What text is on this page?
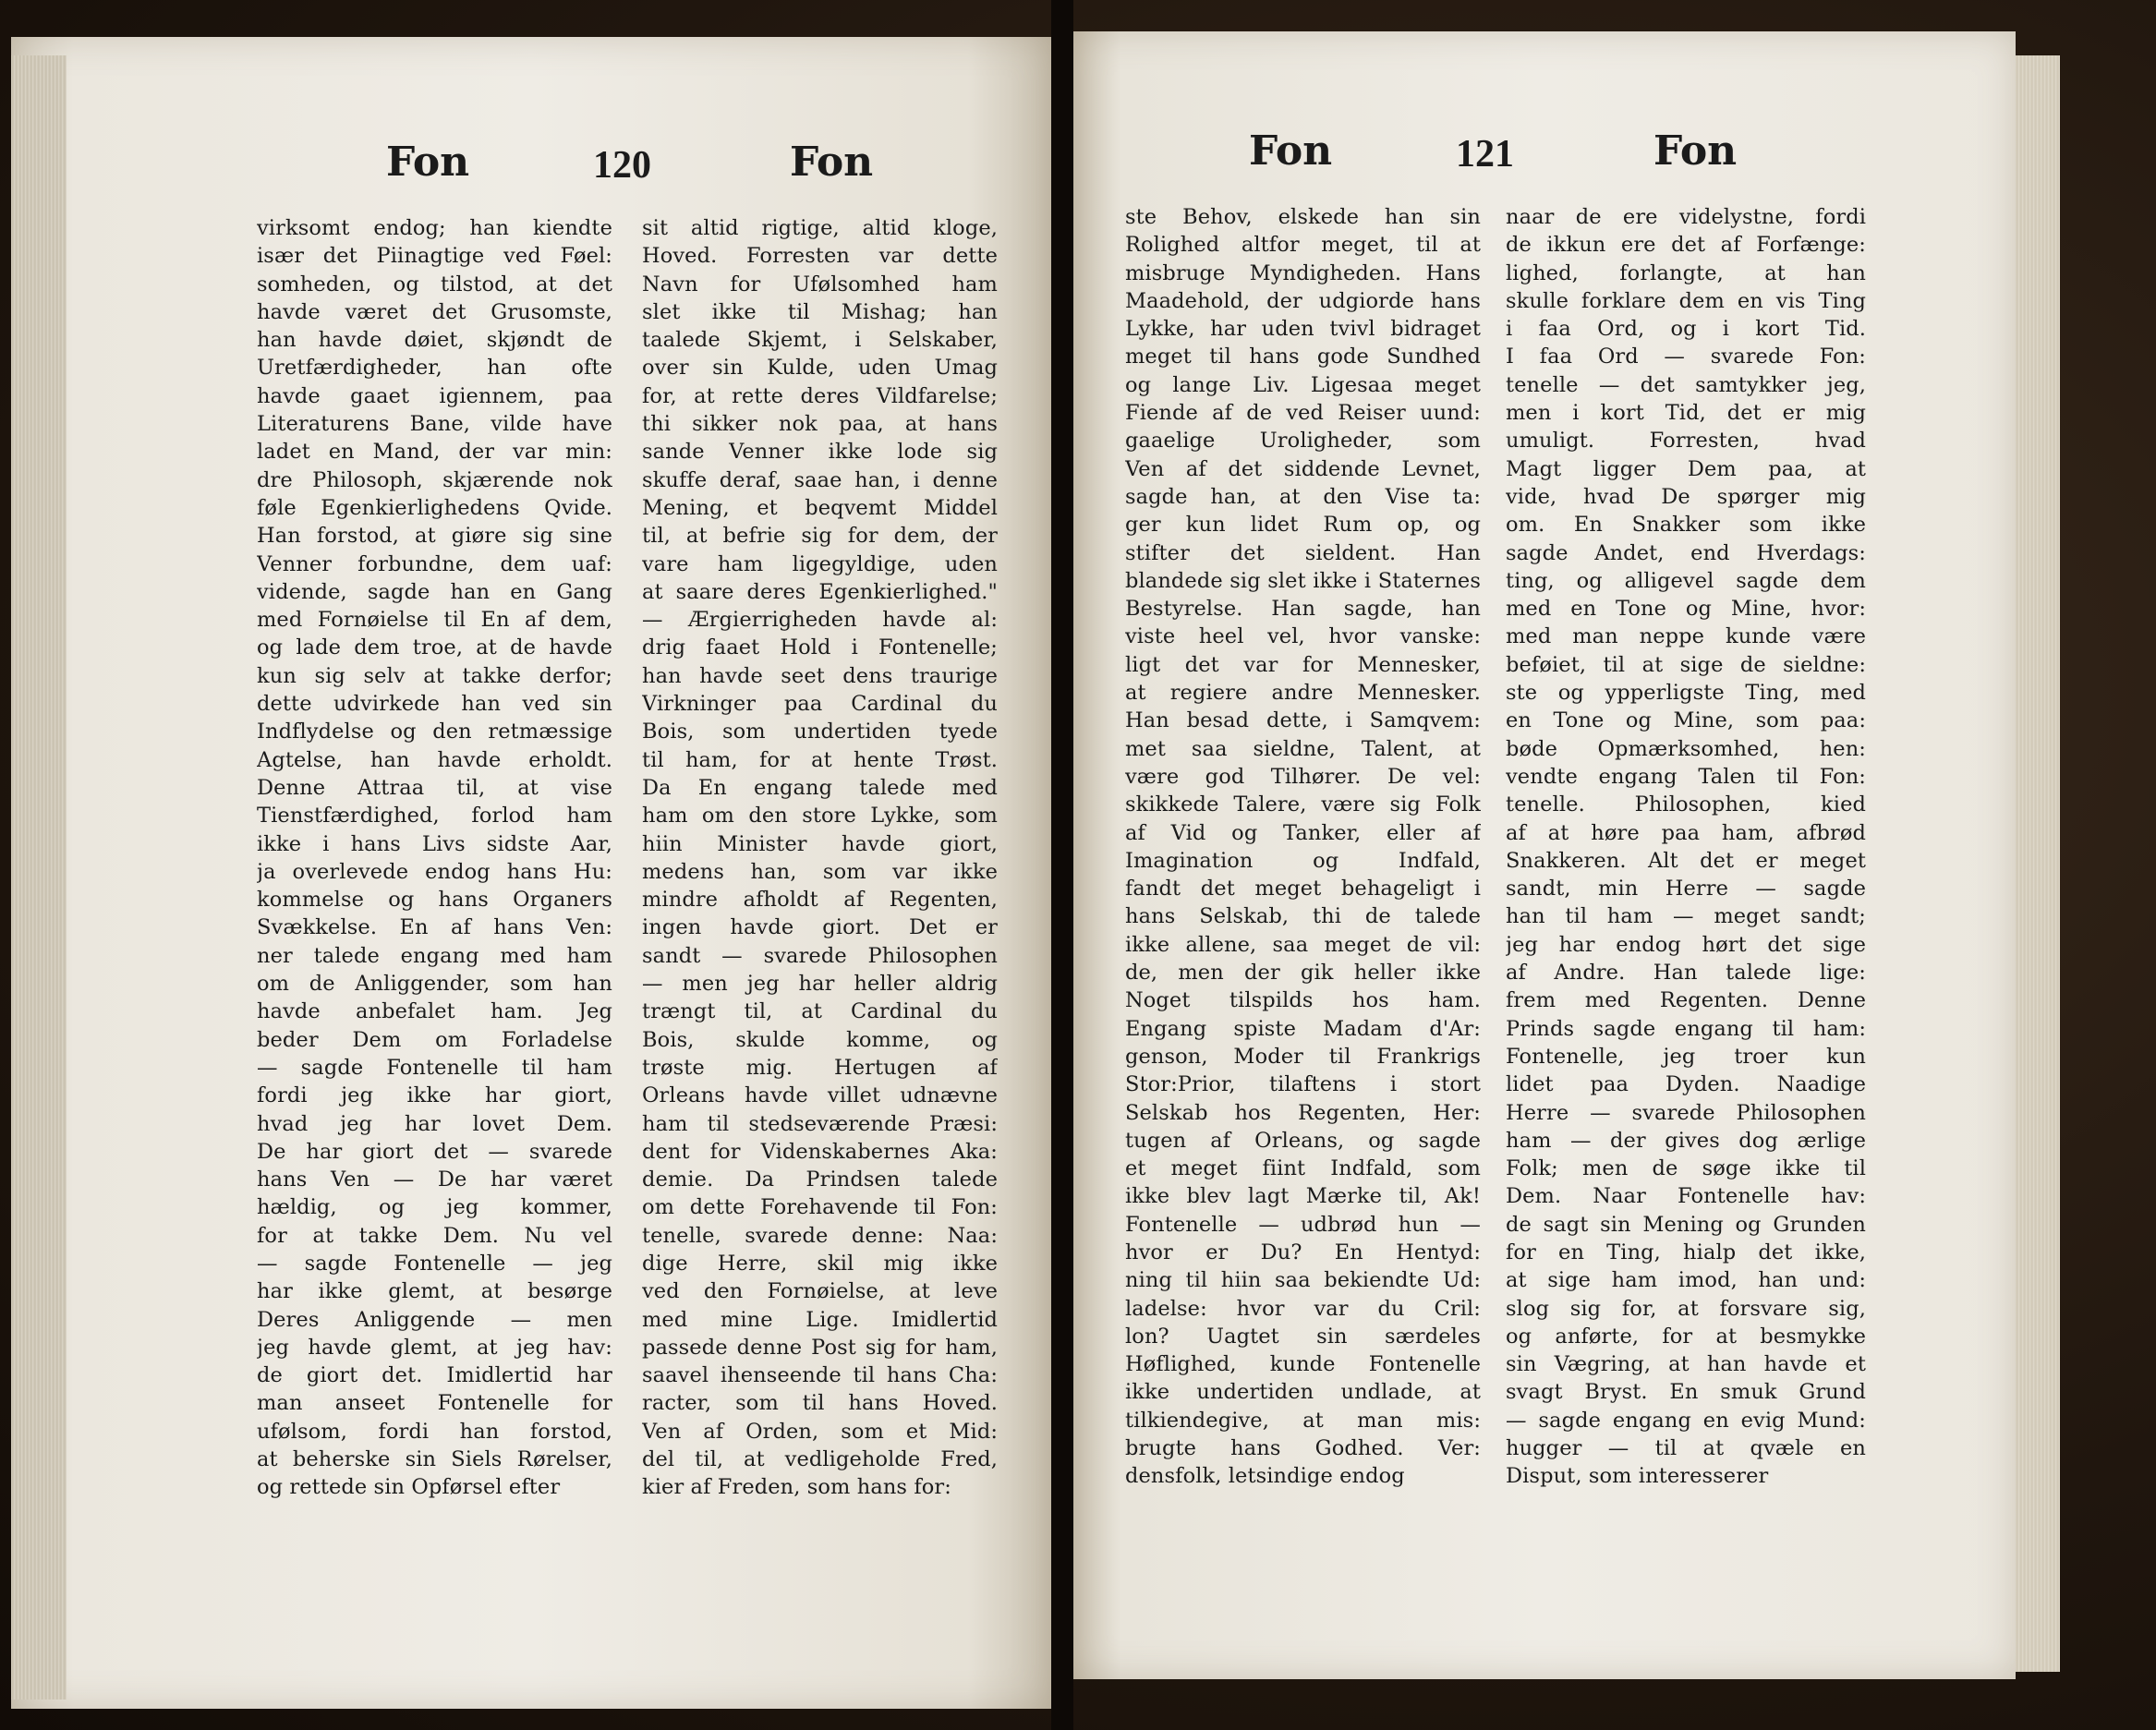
Fon	120	Fon	Fon	121	Fon
virksomt endog; han kiendte
især det Piinagtige ved Føel:
somheden, og tilstod, at det
havde været det Grusomste,
han havde døiet, skjøndt de
Uretfærdigheder, han ofte
havde gaaet igiennem, paa
Literaturens Bane, vilde have
ladet en Mand, der var min:
dre Philosoph, skjærende nok
føle Egenkierlighedens Qvide.
Han forstod, at giøre sig sine
Venner forbundne, dem uaf:
vidende, sagde han en Gang
med Fornøielse til En af dem,
og lade dem troe, at de havde
kun sig selv at takke derfor;
dette udvirkede han ved sin
Indflydelse og den retmæssige
Agtelse, han havde erholdt.
Denne Attraa til, at vise
Tienstfærdighed, forlod ham
ikke i hans Livs sidste Aar,
ja overlevede endog hans Hu:
kommelse og hans Organers
Svækkelse. En af hans Ven:
ner talede engang med ham
om de Anliggender, som han
havde anbefalet ham. Jeg
beder Dem om Forladelse
— sagde Fontenelle til ham
fordi jeg ikke har giort,
hvad jeg har lovet Dem.
De har giort det — svarede
hans Ven — De har været
hældig, og jeg kommer,
for at takke Dem. Nu vel
— sagde Fontenelle — jeg
har ikke glemt, at besørge
Deres Anliggende — men
jeg havde glemt, at jeg hav:
de giort det. Imidlertid har
man anseet Fontenelle for
ufølsom, fordi han forstod,
at beherske sin Siels Rørelser,
og rettede sin Opførsel efter
sit altid rigtige, altid kloge,
Hoved. Forresten var dette
Navn for Ufølsomhed ham
slet ikke til Mishag; han
taalede Skjemt, i Selskaber,
over sin Kulde, uden Umag
for, at rette deres Vildfarelse;
thi sikker nok paa, at hans
sande Venner ikke lode sig
skuffe deraf, saae han, i denne
Mening, et beqvemt Middel
til, at befrie sig for dem, der
vare ham ligegyldige, uden
at saare deres Egenkierlighed."
— Ærgierrigheden havde al:
drig faaet Hold i Fontenelle;
han havde seet dens traurige
Virkninger paa Cardinal du
Bois, som undertiden tyede
til ham, for at hente Trøst.
Da En engang talede med
ham om den store Lykke, som
hiin Minister havde giort,
medens han, som var ikke
mindre afholdt af Regenten,
ingen havde giort. Det er
sandt — svarede Philosophen
— men jeg har heller aldrig
trængt til, at Cardinal du
Bois, skulde komme, og
trøste mig. Hertugen af
Orleans havde villet udnævne
ham til stedseværende Præsi:
dent for Videnskabernes Aka:
demie. Da Prindsen talede
om dette Forehavende til Fon:
tenelle, svarede denne: Naa:
dige Herre, skil mig ikke
ved den Fornøielse, at leve
med mine Lige. Imidlertid
passede denne Post sig for ham,
saavel ihenseende til hans Cha:
racter, som til hans Hoved.
Ven af Orden, som et Mid:
del til, at vedligeholde Fred,
kier af Freden, som hans for:
ste Behov, elskede han sin
Rolighed altfor meget, til at
misbruge Myndigheden. Hans
Maadehold, der udgiorde hans
Lykke, har uden tvivl bidraget
meget til hans gode Sundhed
og lange Liv. Ligesaa meget
Fiende af de ved Reiser uund:
gaaelige Uroligheder, som
Ven af det siddende Levnet,
sagde han, at den Vise ta:
ger kun lidet Rum op, og
stifter det sieldent. Han
blandede sig slet ikke i Staternes
Bestyrelse. Han sagde, han
viste heel vel, hvor vanske:
ligt det var for Mennesker,
at regiere andre Mennesker.
Han besad dette, i Samqvem:
met saa sieldne, Talent, at
være god Tilhører. De vel:
skikkede Talere, være sig Folk
af Vid og Tanker, eller af
Imagination og Indfald,
fandt det meget behageligt i
hans Selskab, thi de talede
ikke allene, saa meget de vil:
de, men der gik heller ikke
Noget tilspilds hos ham.
Engang spiste Madam d'Ar:
genson, Moder til Frankrigs
Stor:Prior, tilaftens i stort
Selskab hos Regenten, Her:
tugen af Orleans, og sagde
et meget fiint Indfald, som
ikke blev lagt Mærke til, Ak!
Fontenelle — udbrød hun —
hvor er Du? En Hentyd:
ning til hiin saa bekiendte Ud:
ladelse: hvor var du Cril:
lon? Uagtet sin særdeles
Høflighed, kunde Fontenelle
ikke undertiden undlade, at
tilkiendegive, at man mis:
brugte hans Godhed. Ver:
densfolk, letsindige endog
naar de ere videlystne, fordi
de ikkun ere det af Forfænge:
lighed, forlangte, at han
skulle forklare dem en vis Ting
i faa Ord, og i kort Tid.
I faa Ord — svarede Fon:
tenelle — det samtykker jeg,
men i kort Tid, det er mig
umuligt. Forresten, hvad
Magt ligger Dem paa, at
vide, hvad De spørger mig
om. En Snakker som ikke
sagde Andet, end Hverdags:
ting, og alligevel sagde dem
med en Tone og Mine, hvor:
med man neppe kunde være
beføiet, til at sige de sieldne:
ste og ypperligste Ting, med
en Tone og Mine, som paa:
bøde Opmærksomhed, hen:
vendte engang Talen til Fon:
tenelle. Philosophen, kied
af at høre paa ham, afbrød
Snakkeren. Alt det er meget
sandt, min Herre — sagde
han til ham — meget sandt;
jeg har endog hørt det sige
af Andre. Han talede lige:
frem med Regenten. Denne
Prinds sagde engang til ham:
Fontenelle, jeg troer kun
lidet paa Dyden. Naadige
Herre — svarede Philosophen
ham — der gives dog ærlige
Folk; men de søge ikke til
Dem. Naar Fontenelle hav:
de sagt sin Mening og Grunden
for en Ting, hialp det ikke,
at sige ham imod, han und:
slog sig for, at forsvare sig,
og anførte, for at besmykke
sin Vægring, at han havde et
svagt Bryst. En smuk Grund
— sagde engang en evig Mund:
hugger — til at qvæle en
Disput, som interesserer
